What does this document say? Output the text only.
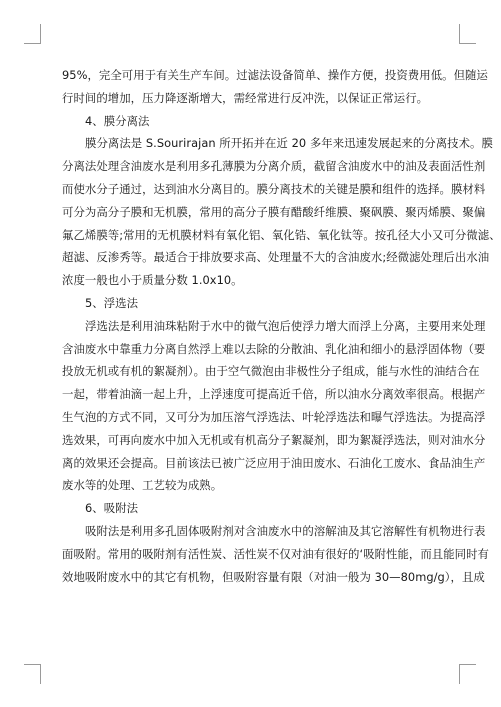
95%，完全可用于有关生产车间。过滤法设备简单、操作方便，投资费用低。但随运

行时间的增加，压力降逐渐增大，需经常进行反冲洗，以保证正常运行。

4、膜分离法

膜分离法是 S.Sourirajan 所开拓并在近 20 多年来迅速发展起来的分离技术。膜

分离法处理含油废水是利用多孔薄膜为分离介质，截留含油废水中的油及表面活性剂

而使水分子通过，达到油水分离目的。膜分离技术的关键是膜和组件的选择。膜材料

可分为高分子膜和无机膜，常用的高分子膜有醋酸纤维膜、聚砜膜、聚丙烯膜、聚偏

氟乙烯膜等;常用的无机膜材料有氧化铝、氧化锆、氧化钛等。按孔径大小又可分微滤、

超滤、反渗秀等。最适合于排放要求高、处理量不大的含油废水;经微滤处理后出水油

浓度一般也小于质量分数 1.0x10。

5、浮选法

浮选法是利用油珠粘附于水中的微气泡后使浮力增大而浮上分离，主要用来处理

含油废水中靠重力分离自然浮上难以去除的分散油、乳化油和细小的悬浮固体物（要

投放无机或有机的絮凝剂）。由于空气微泡由非极性分子组成，能与水性的油结合在

一起，带着油滴一起上升，上浮速度可提高近千倍，所以油水分离效率很高。根据产

生气泡的方式不同，又可分为加压溶气浮选法、叶轮浮选法和曝气浮选法。为提高浮

选效果，可再向废水中加入无机或有机高分子絮凝剂，即为絮凝浮选法，则对油水分

离的效果还会提高。目前该法已被广泛应用于油田废水、石油化工废水、食品油生产

废水等的处理、工艺较为成熟。

6、吸附法

吸附法是利用多孔固体吸附剂对含油废水中的溶解油及其它溶解性有机物进行表

面吸附。常用的吸附剂有活性炭、活性炭不仅对油有很好的‘吸附性能，而且能同时有

效地吸附废水中的其它有机物，但吸附容量有限（对油一般为 30—80mg/g），且成
